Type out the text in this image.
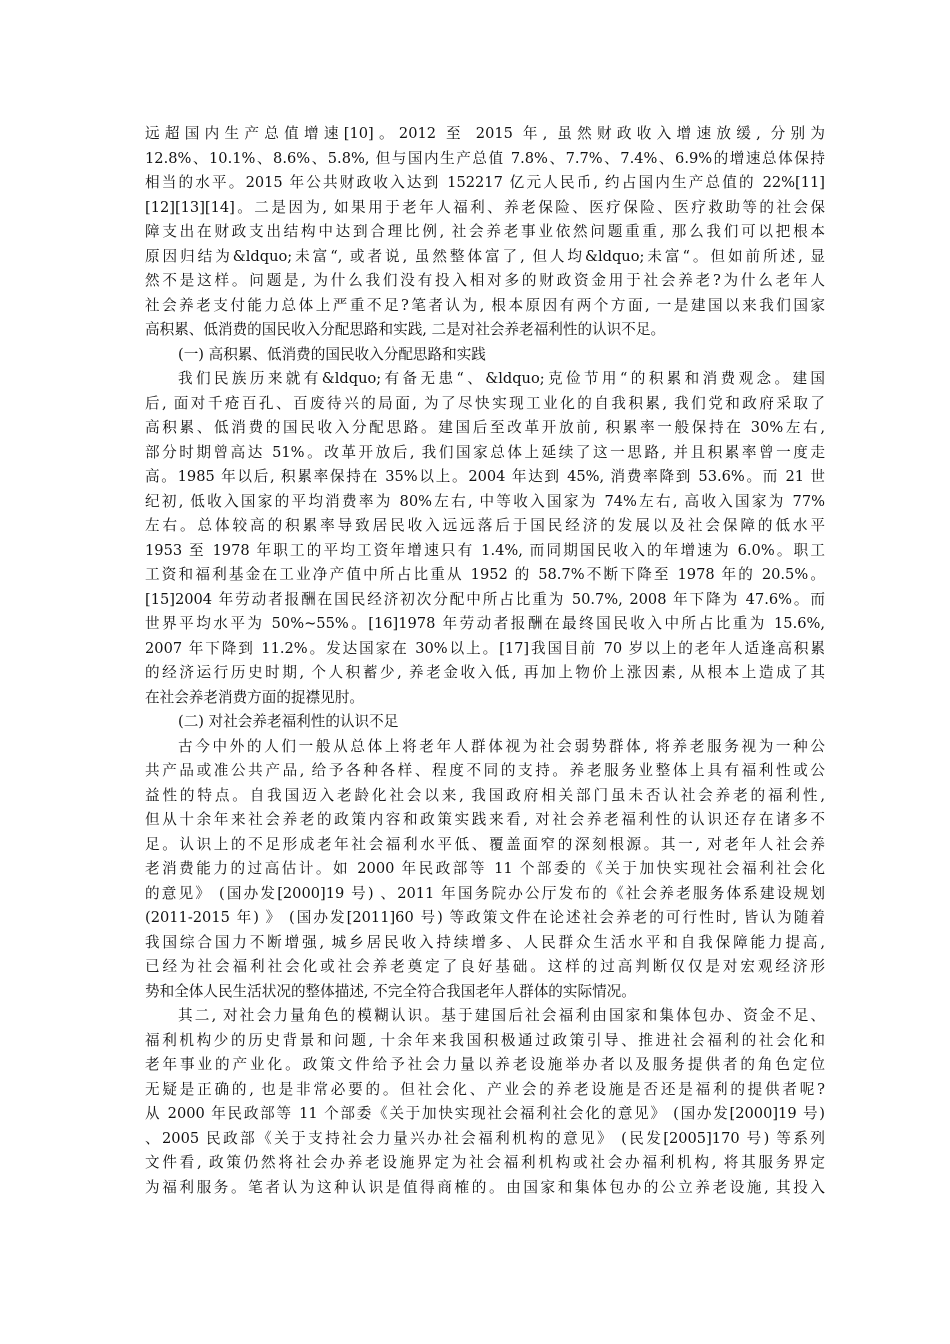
远超国内生产总值增速[10]。2012 至 2015 年, 虽然财政收入增速放缓, 分别为
12.8%、10.1%、8.6%、5.8%, 但与国内生产总值 7.8%、7.7%、7.4%、6.9%的增速总体保持
相当的水平。2015 年公共财政收入达到 152217 亿元人民币, 约占国内生产总值的 22%[11]
[12][13][14]。二是因为, 如果用于老年人福利、养老保险、医疗保险、医疗救助等的社会保
障支出在财政支出结构中达到合理比例, 社会养老事业依然问题重重, 那么我们可以把根本
原因归结为&ldquo;未富“, 或者说, 虽然整体富了, 但人均&ldquo;未富“。但如前所述, 显
然不是这样。问题是, 为什么我们没有投入相对多的财政资金用于社会养老?为什么老年人
社会养老支付能力总体上严重不足?笔者认为, 根本原因有两个方面, 一是建国以来我们国家
高积累、低消费的国民收入分配思路和实践, 二是对社会养老福利性的认识不足。
(一) 高积累、低消费的国民收入分配思路和实践
我们民族历来就有&ldquo;有备无患“、&ldquo;克俭节用“的积累和消费观念。建国
后, 面对千疮百孔、百废待兴的局面, 为了尽快实现工业化的自我积累, 我们党和政府采取了
高积累、低消费的国民收入分配思路。建国后至改革开放前, 积累率一般保持在 30%左右,
部分时期曾高达 51%。改革开放后, 我们国家总体上延续了这一思路, 并且积累率曾一度走
高。1985 年以后, 积累率保持在 35%以上。2004 年达到 45%, 消费率降到 53.6%。而 21 世
纪初, 低收入国家的平均消费率为 80%左右, 中等收入国家为 74%左右, 高收入国家为 77%
左右。总体较高的积累率导致居民收入远远落后于国民经济的发展以及社会保障的低水平
1953 至 1978 年职工的平均工资年增速只有 1.4%, 而同期国民收入的年增速为 6.0%。职工
工资和福利基金在工业净产值中所占比重从 1952 的 58.7%不断下降至 1978 年的 20.5%。
[15]2004 年劳动者报酬在国民经济初次分配中所占比重为 50.7%, 2008 年下降为 47.6%。而
世界平均水平为 50%~55%。[16]1978 年劳动者报酬在最终国民收入中所占比重为 15.6%,
2007 年下降到 11.2%。发达国家在 30%以上。[17]我国目前 70 岁以上的老年人适逢高积累
的经济运行历史时期, 个人积蓄少, 养老金收入低, 再加上物价上涨因素, 从根本上造成了其
在社会养老消费方面的捉襟见肘。
(二) 对社会养老福利性的认识不足
古今中外的人们一般从总体上将老年人群体视为社会弱势群体, 将养老服务视为一种公
共产品或准公共产品, 给予各种各样、程度不同的支持。养老服务业整体上具有福利性或公
益性的特点。自我国迈入老龄化社会以来, 我国政府相关部门虽未否认社会养老的福利性,
但从十余年来社会养老的政策内容和政策实践来看, 对社会养老福利性的认识还存在诸多不
足。认识上的不足形成老年社会福利水平低、覆盖面窄的深刻根源。其一, 对老年人社会养
老消费能力的过高估计。如 2000 年民政部等 11 个部委的《关于加快实现社会福利社会化
的意见》 (国办发[2000]19 号) 、2011 年国务院办公厅发布的《社会养老服务体系建设规划
(2011-2015 年) 》 (国办发[2011]60 号) 等政策文件在论述社会养老的可行性时, 皆认为随着
我国综合国力不断增强, 城乡居民收入持续增多、人民群众生活水平和自我保障能力提高,
已经为社会福利社会化或社会养老奠定了良好基础。这样的过高判断仅仅是对宏观经济形
势和全体人民生活状况的整体描述, 不完全符合我国老年人群体的实际情况。
其二, 对社会力量角色的模糊认识。基于建国后社会福利由国家和集体包办、资金不足、
福利机构少的历史背景和问题, 十余年来我国积极通过政策引导、推进社会福利的社会化和
老年事业的产业化。政策文件给予社会力量以养老设施举办者以及服务提供者的角色定位
无疑是正确的, 也是非常必要的。但社会化、产业会的养老设施是否还是福利的提供者呢?
从 2000 年民政部等 11 个部委《关于加快实现社会福利社会化的意见》 (国办发[2000]19 号)
、2005 民政部《关于支持社会力量兴办社会福利机构的意见》 (民发[2005]170 号) 等系列
文件看, 政策仍然将社会办养老设施界定为社会福利机构或社会办福利机构, 将其服务界定
为福利服务。笔者认为这种认识是值得商榷的。由国家和集体包办的公立养老设施, 其投入
